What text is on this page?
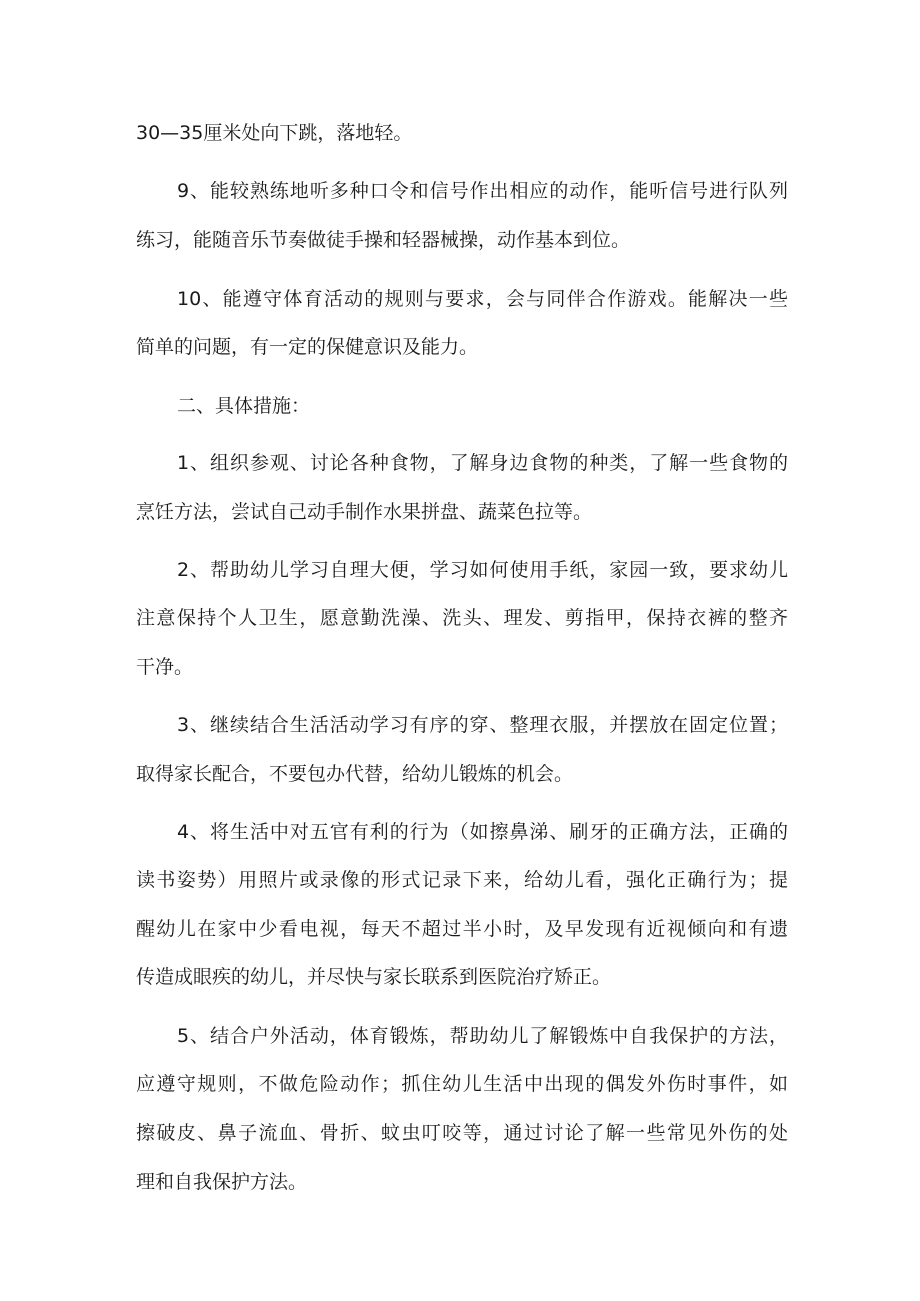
30—35厘米处向下跳，落地轻。
9、能较熟练地听多种口令和信号作出相应的动作，能听信号进行队列
练习，能随音乐节奏做徒手操和轻器械操，动作基本到位。
10、能遵守体育活动的规则与要求，会与同伴合作游戏。能解决一些
简单的问题，有一定的保健意识及能力。
二、具体措施：
1、组织参观、讨论各种食物，了解身边食物的种类，了解一些食物的
烹饪方法，尝试自己动手制作水果拼盘、蔬菜色拉等。
2、帮助幼儿学习自理大便，学习如何使用手纸，家园一致，要求幼儿
注意保持个人卫生，愿意勤洗澡、洗头、理发、剪指甲，保持衣裤的整齐
干净。
3、继续结合生活活动学习有序的穿、整理衣服，并摆放在固定位置；
取得家长配合，不要包办代替，给幼儿锻炼的机会。
4、将生活中对五官有利的行为（如擦鼻涕、刷牙的正确方法，正确的
读书姿势）用照片或录像的形式记录下来，给幼儿看，强化正确行为；提
醒幼儿在家中少看电视，每天不超过半小时，及早发现有近视倾向和有遗
传造成眼疾的幼儿，并尽快与家长联系到医院治疗矫正。
5、结合户外活动，体育锻炼，帮助幼儿了解锻炼中自我保护的方法，
应遵守规则，不做危险动作；抓住幼儿生活中出现的偶发外伤时事件，如
擦破皮、鼻子流血、骨折、蚊虫叮咬等，通过讨论了解一些常见外伤的处
理和自我保护方法。
